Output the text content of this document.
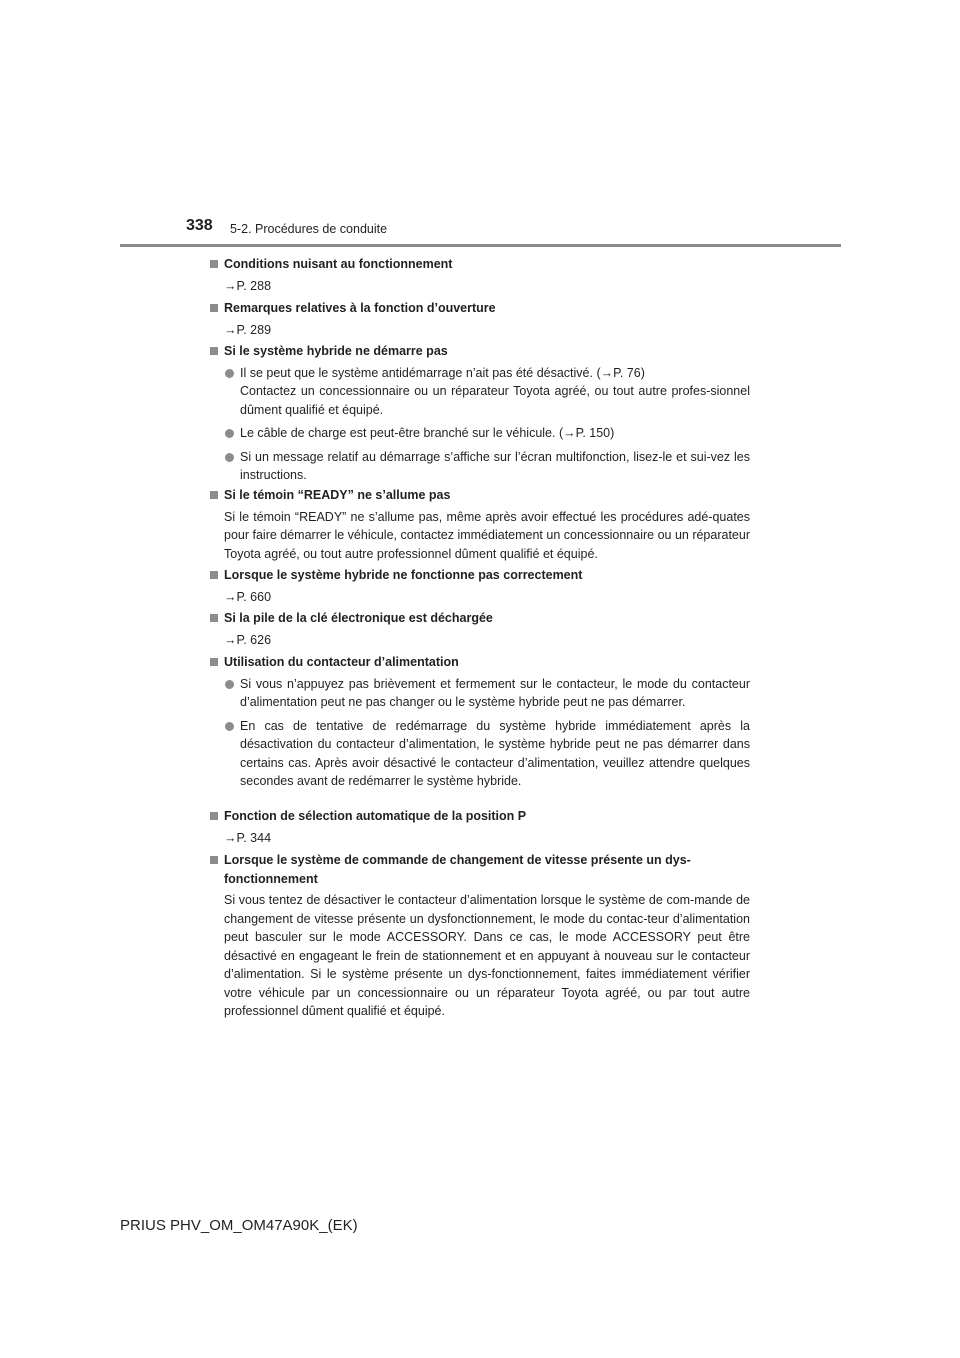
338 5-2. Procédures de conduite
Conditions nuisant au fonctionnement
→P. 288
Remarques relatives à la fonction d’ouverture
→P. 289
Si le système hybride ne démarre pas
Il se peut que le système antidémarrage n’ait pas été désactivé. (→P. 76)
Contactez un concessionnaire ou un réparateur Toyota agréé, ou tout autre profes-sionnel dûment qualifié et équipé.
Le câble de charge est peut-être branché sur le véhicule. (→P. 150)
Si un message relatif au démarrage s’affiche sur l’écran multifonction, lisez-le et sui-vez les instructions.
Si le témoin “READY” ne s’allume pas
Si le témoin “READY” ne s’allume pas, même après avoir effectué les procédures adé-quates pour faire démarrer le véhicule, contactez immédiatement un concessionnaire ou un réparateur Toyota agréé, ou tout autre professionnel dûment qualifié et équipé.
Lorsque le système hybride ne fonctionne pas correctement
→P. 660
Si la pile de la clé électronique est déchargée
→P. 626
Utilisation du contacteur d’alimentation
Si vous n’appuyez pas brièvement et fermement sur le contacteur, le mode du contacteur d’alimentation peut ne pas changer ou le système hybride peut ne pas démarrer.
En cas de tentative de redémarrage du système hybride immédiatement après la désactivation du contacteur d’alimentation, le système hybride peut ne pas démarrer dans certains cas. Après avoir désactivé le contacteur d’alimentation, veuillez attendre quelques secondes avant de redémarrer le système hybride.
Fonction de sélection automatique de la position P
→P. 344
Lorsque le système de commande de changement de vitesse présente un dys-fonctionnement
Si vous tentez de désactiver le contacteur d’alimentation lorsque le système de com-mande de changement de vitesse présente un dysfonctionnement, le mode du contac-teur d’alimentation peut basculer sur le mode ACCESSORY. Dans ce cas, le mode ACCESSORY peut être désactivé en engageant le frein de stationnement et en appuyant à nouveau sur le contacteur d’alimentation. Si le système présente un dys-fonctionnement, faites immédiatement vérifier votre véhicule par un concessionnaire ou un réparateur Toyota agréé, ou par tout autre professionnel dûment qualifié et équipé.
PRIUS PHV_OM_OM47A90K_(EK)
